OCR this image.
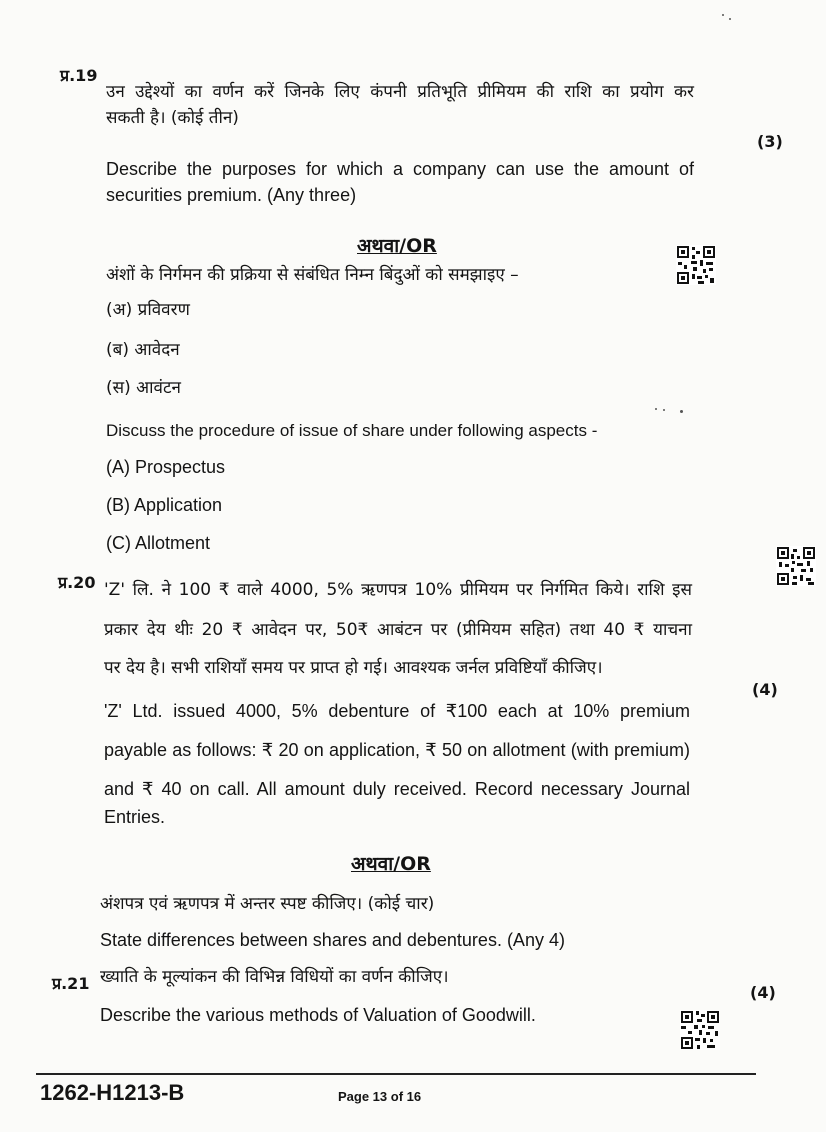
प्र.19
उन उद्देश्यों का वर्णन करें जिनके लिए कंपनी प्रतिभूति प्रीमियम की राशि का प्रयोग कर
सकती है। (कोई तीन)
(3)
Describe the purposes for which a company can use the amount of
securities premium. (Any three)
अथवा/OR
अंशों के निर्गमन की प्रक्रिया से संबंधित निम्न बिंदुओं को समझाइए –
(अ) प्रविवरण
(ब) आवेदन
(स) आवंटन
Discuss the procedure of issue of share under following aspects -
(A) Prospectus
(B) Application
(C) Allotment
प्र.20 'Z' लि. ने 100 ₹ वाले 4000, 5% ऋणपत्र 10% प्रीमियम पर निर्गमित किये। राशि इस
प्रकार देय थीः 20 ₹ आवेदन पर, 50₹ आबंटन पर (प्रीमियम सहित) तथा 40 ₹ याचना
पर देय है। सभी राशियाँ समय पर प्राप्त हो गई। आवश्यक जर्नल प्रविष्टियाँ कीजिए।
(4)
'Z' Ltd. issued 4000, 5% debenture of ₹100 each at 10% premium
payable as follows: ₹ 20 on application, ₹ 50 on allotment (with premium)
and ₹ 40 on call. All amount duly received. Record necessary Journal
Entries.
अथवा/OR
अंशपत्र एवं ऋणपत्र में अन्तर स्पष्ट कीजिए। (कोई चार)
State differences between shares and debentures. (Any 4)
प्र.21 ख्याति के मूल्यांकन की विभिन्न विधियों का वर्णन कीजिए।
(4)
Describe the various methods of Valuation of Goodwill.
1262-H1213-B	Page 13 of 16
